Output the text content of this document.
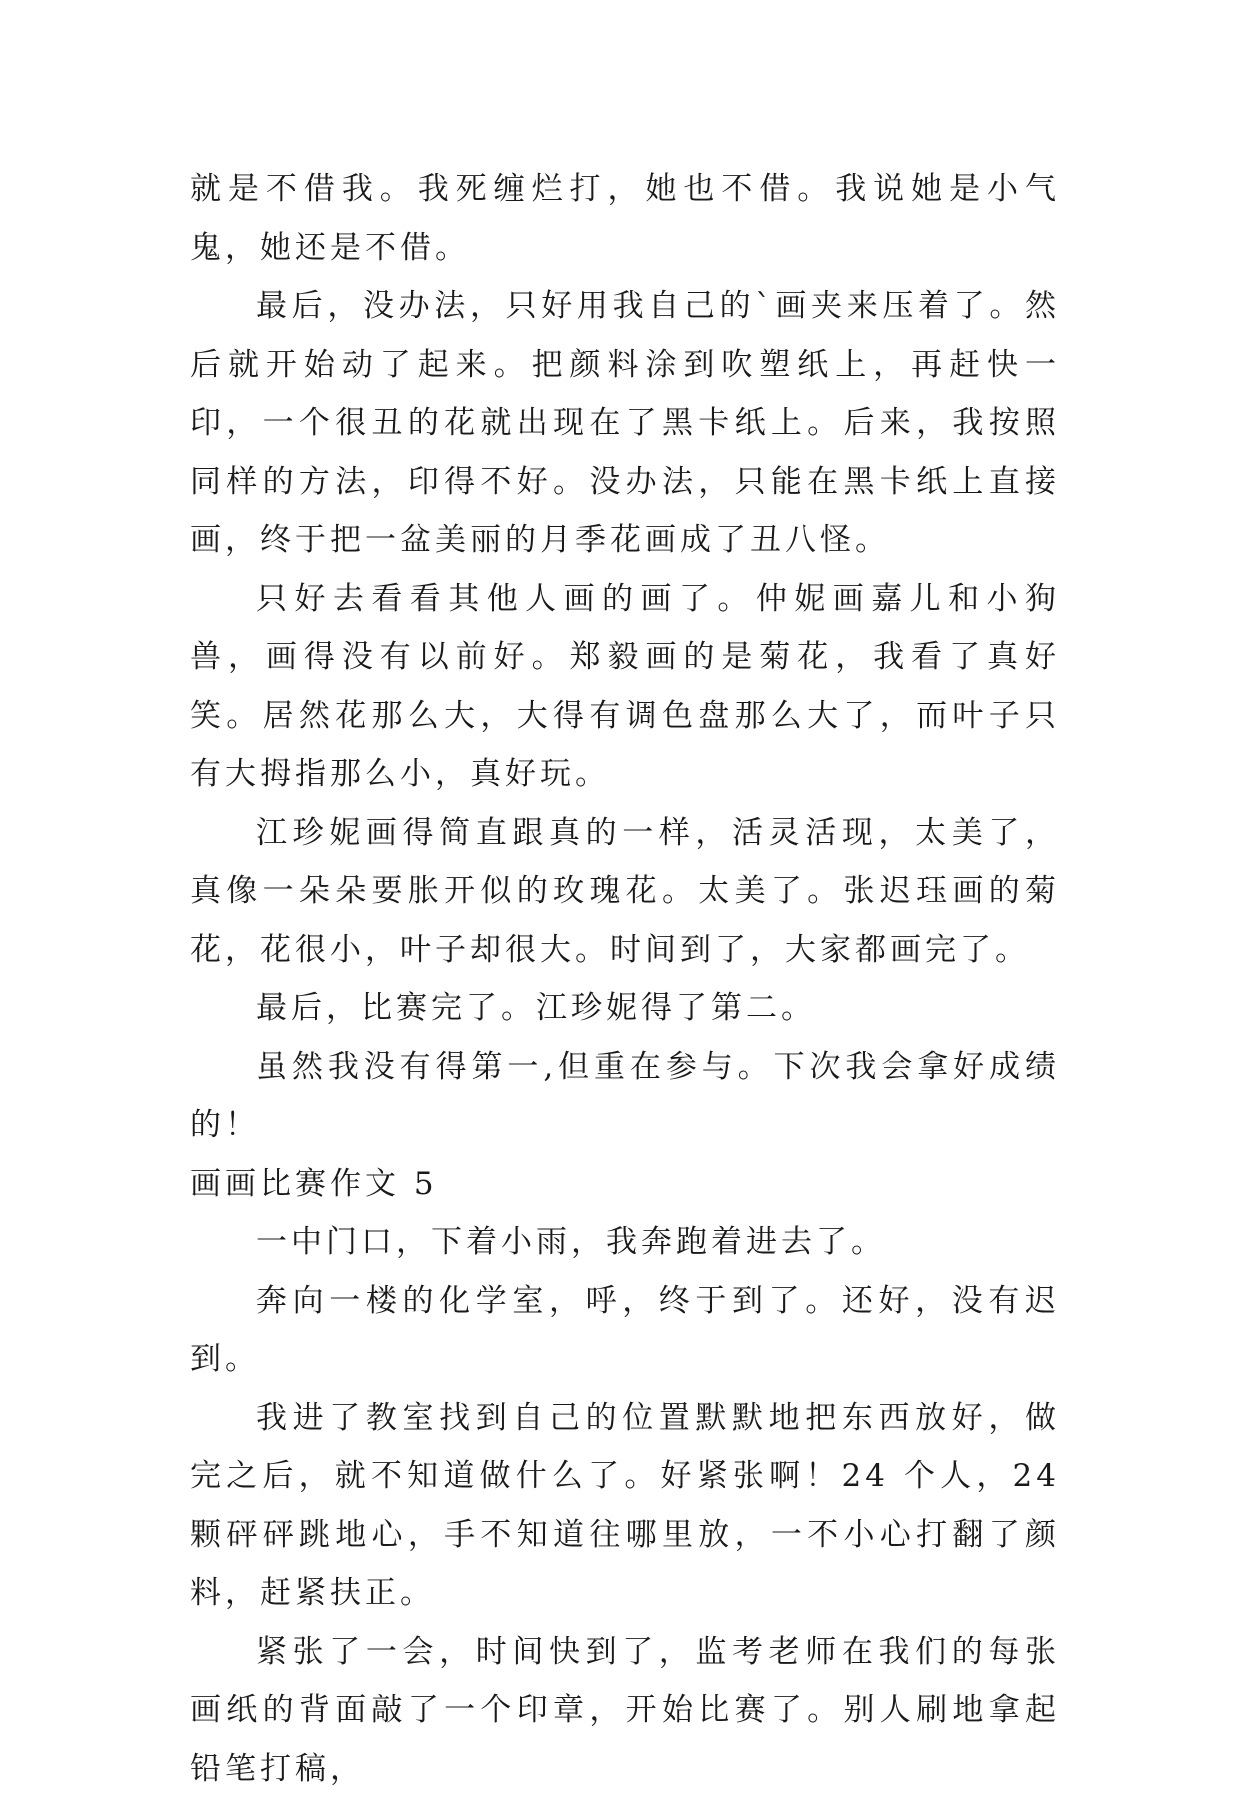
就是不借我。我死缠烂打，她也不借。我说她是小气鬼，她还是不借。

最后，没办法，只好用我自己的`画夹来压着了。然后就开始动了起来。把颜料涂到吹塑纸上，再赶快一印，一个很丑的花就出现在了黑卡纸上。后来，我按照同样的方法，印得不好。没办法，只能在黑卡纸上直接画，终于把一盆美丽的月季花画成了丑八怪。

只好去看看其他人画的画了。仲妮画嘉儿和小狗兽，画得没有以前好。郑毅画的是菊花，我看了真好笑。居然花那么大，大得有调色盘那么大了，而叶子只有大拇指那么小，真好玩。

江珍妮画得简直跟真的一样，活灵活现，太美了，真像一朵朵要胀开似的玫瑰花。太美了。张迟珏画的菊花，花很小，叶子却很大。时间到了，大家都画完了。

最后，比赛完了。江珍妮得了第二。

虽然我没有得第一,但重在参与。下次我会拿好成绩的！

画画比赛作文 5

一中门口，下着小雨，我奔跑着进去了。

奔向一楼的化学室，呼，终于到了。还好，没有迟到。

我进了教室找到自己的位置默默地把东西放好，做完之后，就不知道做什么了。好紧张啊！24 个人，24 颗砰砰跳地心，手不知道往哪里放，一不小心打翻了颜料，赶紧扶正。

紧张了一会，时间快到了，监考老师在我们的每张画纸的背面敲了一个印章，开始比赛了。别人刷地拿起铅笔打稿，
